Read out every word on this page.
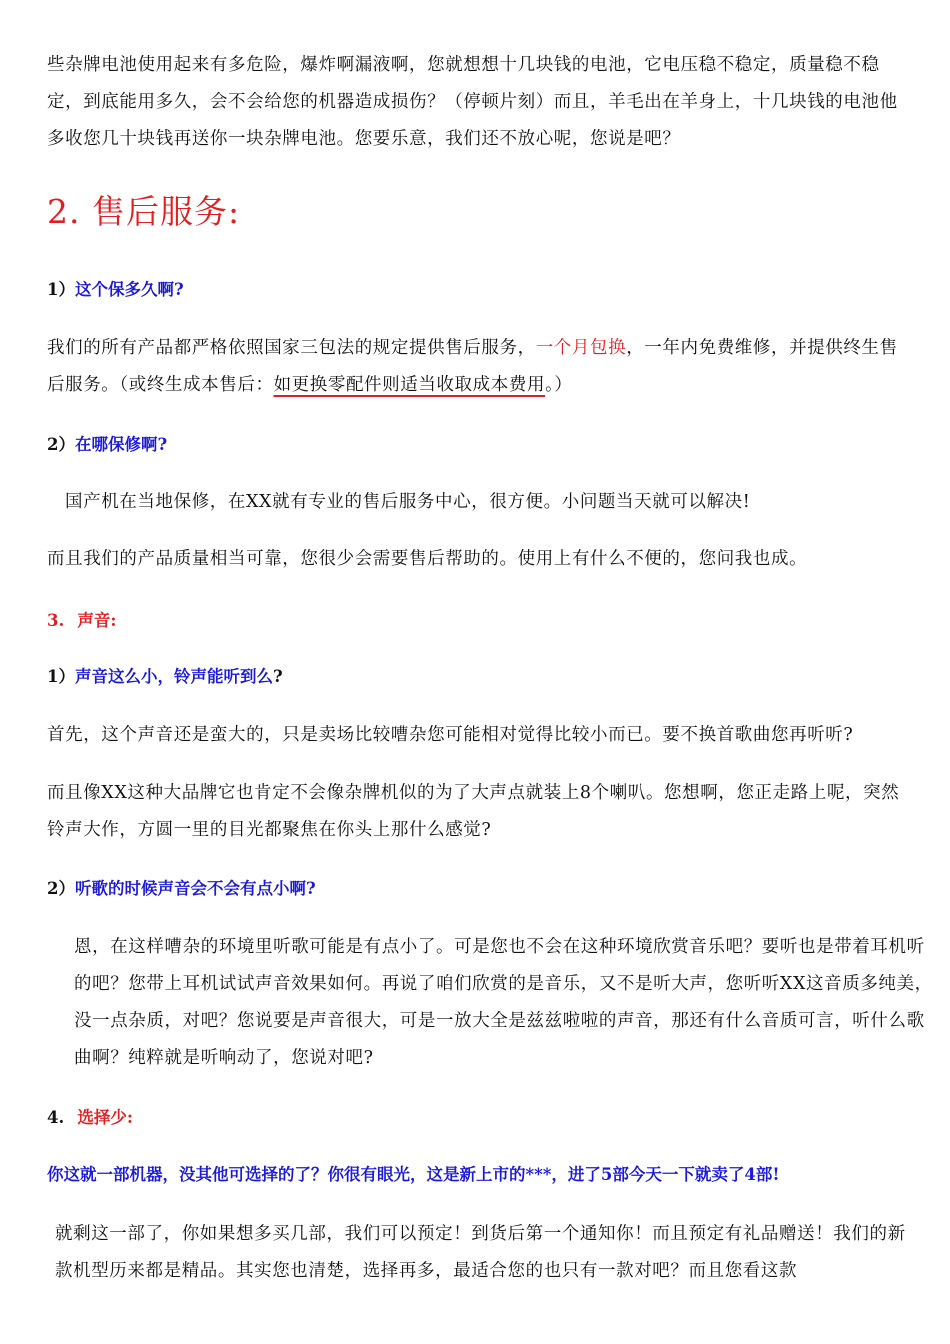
些杂牌电池使用起来有多危险，爆炸啊漏液啊，您就想想十几块钱的电池，它电压稳不稳定，质量稳不稳定，到底能用多久，会不会给您的机器造成损伤？（停顿片刻）而且，羊毛出在羊身上，十几块钱的电池他多收您几十块钱再送你一块杂牌电池。您要乐意，我们还不放心呢，您说是吧？
2. 售后服务:
1）这个保多久啊?
我们的所有产品都严格依照国家三包法的规定提供售后服务，一个月包换，一年内免费维修，并提供终生售后服务。（或终生成本售后：如更换零配件则适当收取成本费用。）
2）在哪保修啊?
国产机在当地保修，在XX就有专业的售后服务中心，很方便。小问题当天就可以解决!
而且我们的产品质量相当可靠，您很少会需要售后帮助的。使用上有什么不便的，您问我也成。
3. 声音:
1）声音这么小，铃声能听到么?
首先，这个声音还是蛮大的，只是卖场比较嘈杂您可能相对觉得比较小而已。要不换首歌曲您再听听?
而且像XX这种大品牌它也肯定不会像杂牌机似的为了大声点就装上8个喇叭。您想啊，您正走路上呢，突然铃声大作，方圆一里的目光都聚焦在你头上那什么感觉?
2）听歌的时候声音会不会有点小啊?
恩，在这样嘈杂的环境里听歌可能是有点小了。可是您也不会在这种环境欣赏音乐吧？要听也是带着耳机听的吧？您带上耳机试试声音效果如何。再说了咱们欣赏的是音乐，又不是听大声，您听听XX这音质多纯美，没一点杂质，对吧？您说要是声音很大，可是一放大全是兹兹啦啦的声音，那还有什么音质可言，听什么歌曲啊？纯粹就是听响动了，您说对吧?
4. 选择少:
你这就一部机器，没其他可选择的了？你很有眼光，这是新上市的***，进了5部今天一下就卖了4部!
就剩这一部了，你如果想多买几部，我们可以预定！到货后第一个通知你！而且预定有礼品赠送！我们的新款机型历来都是精品。其实您也清楚，选择再多，最适合您的也只有一款对吧？而且您看这款
